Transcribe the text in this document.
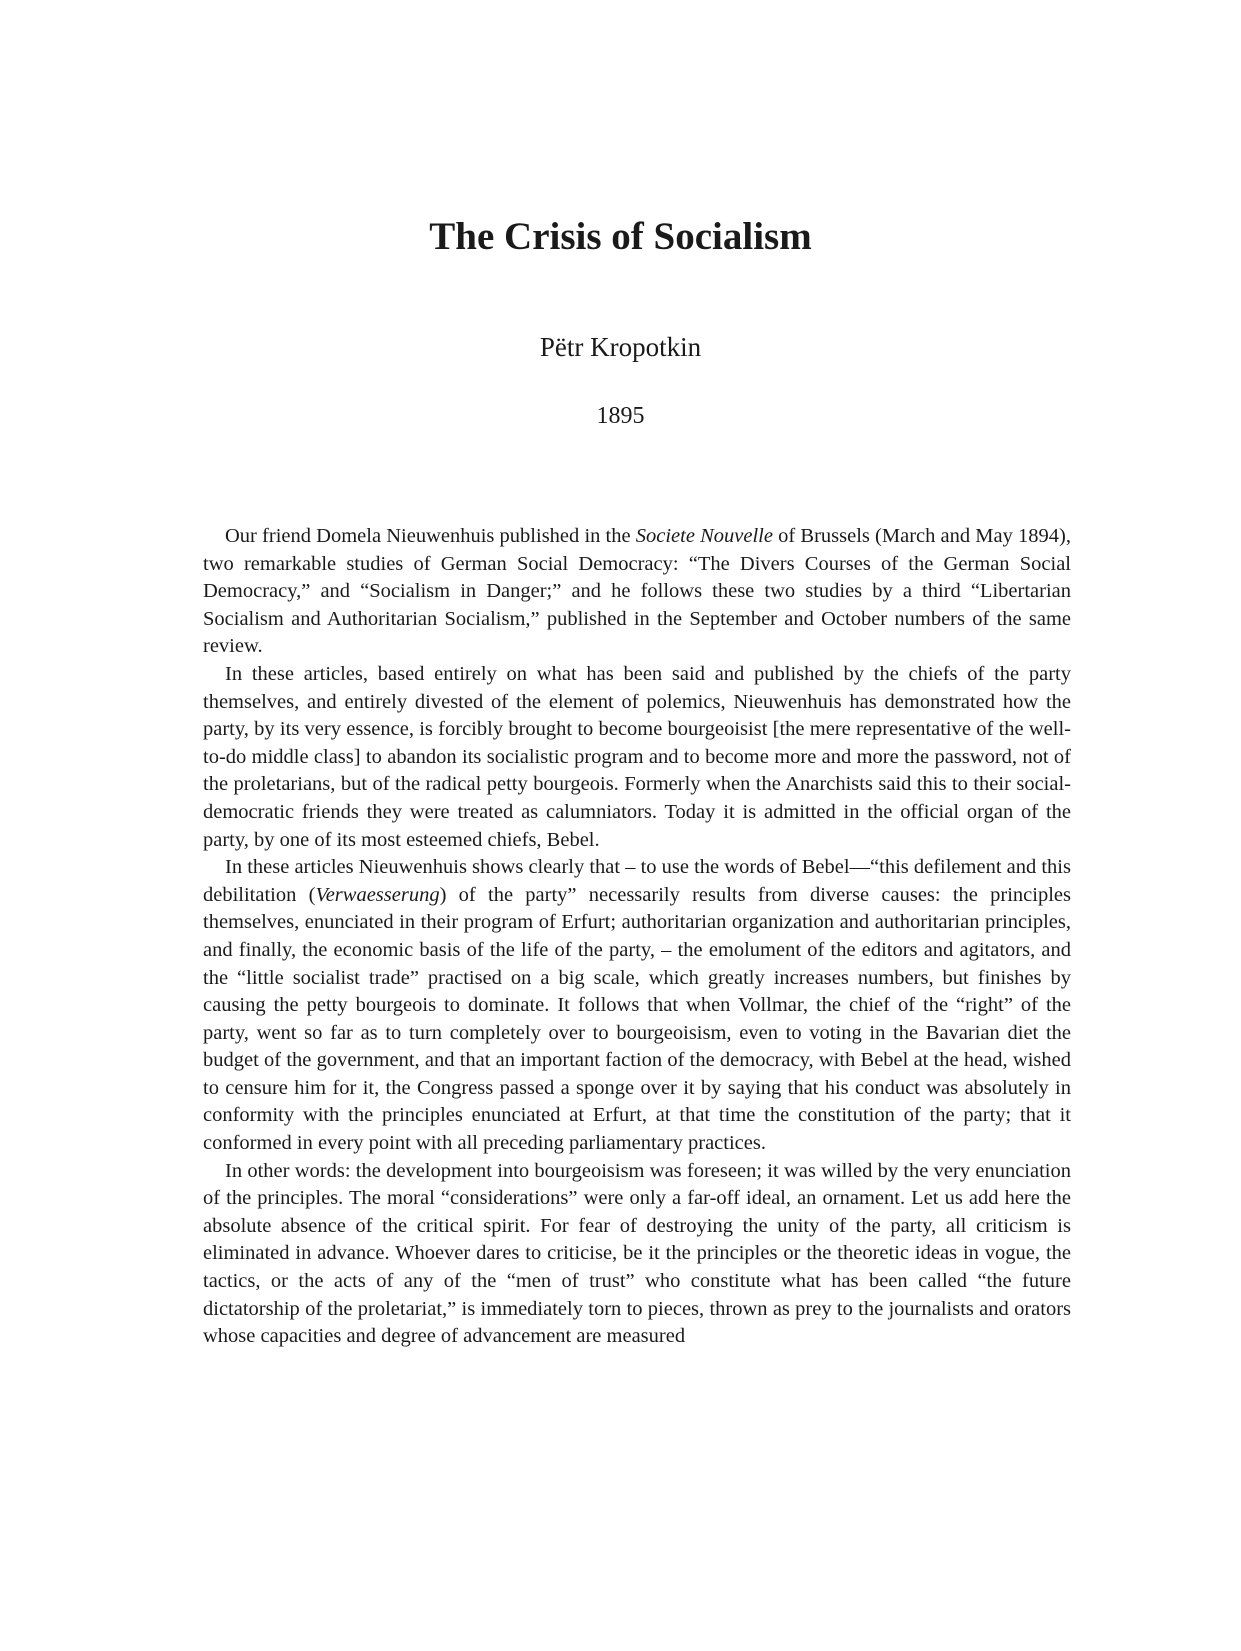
The Crisis of Socialism
Pëtr Kropotkin
1895

Our friend Domela Nieuwenhuis published in the Societe Nouvelle of Brussels (March and May 1894), two remarkable studies of German Social Democracy: “The Divers Courses of the German Social Democracy,” and “Socialism in Danger;” and he follows these two studies by a third “Libertarian Socialism and Authoritarian Socialism,” published in the September and October numbers of the same review.

In these articles, based entirely on what has been said and published by the chiefs of the party themselves, and entirely divested of the element of polemics, Nieuwenhuis has demonstrated how the party, by its very essence, is forcibly brought to become bourgeoisist [the mere representative of the well-to-do middle class] to abandon its socialistic program and to become more and more the password, not of the proletarians, but of the radical petty bourgeois. Formerly when the Anarchists said this to their social-democratic friends they were treated as calumniators. Today it is admitted in the official organ of the party, by one of its most esteemed chiefs, Bebel.

In these articles Nieuwenhuis shows clearly that – to use the words of Bebel—“this defilement and this debilitation (Verwaesserung) of the party” necessarily results from diverse causes: the principles themselves, enunciated in their program of Erfurt; authoritarian organization and authoritarian principles, and finally, the economic basis of the life of the party, – the emolument of the editors and agitators, and the “little socialist trade” practised on a big scale, which greatly increases numbers, but finishes by causing the petty bourgeois to dominate. It follows that when Vollmar, the chief of the “right” of the party, went so far as to turn completely over to bourgeoisism, even to voting in the Bavarian diet the budget of the government, and that an important faction of the democracy, with Bebel at the head, wished to censure him for it, the Congress passed a sponge over it by saying that his conduct was absolutely in conformity with the principles enunciated at Erfurt, at that time the constitution of the party; that it conformed in every point with all preceding parliamentary practices.

In other words: the development into bourgeoisism was foreseen; it was willed by the very enunciation of the principles. The moral “considerations” were only a far-off ideal, an ornament. Let us add here the absolute absence of the critical spirit. For fear of destroying the unity of the party, all criticism is eliminated in advance. Whoever dares to criticise, be it the principles or the theoretic ideas in vogue, the tactics, or the acts of any of the “men of trust” who constitute what has been called “the future dictatorship of the proletariat,” is immediately torn to pieces, thrown as prey to the journalists and orators whose capacities and degree of advancement are measured
